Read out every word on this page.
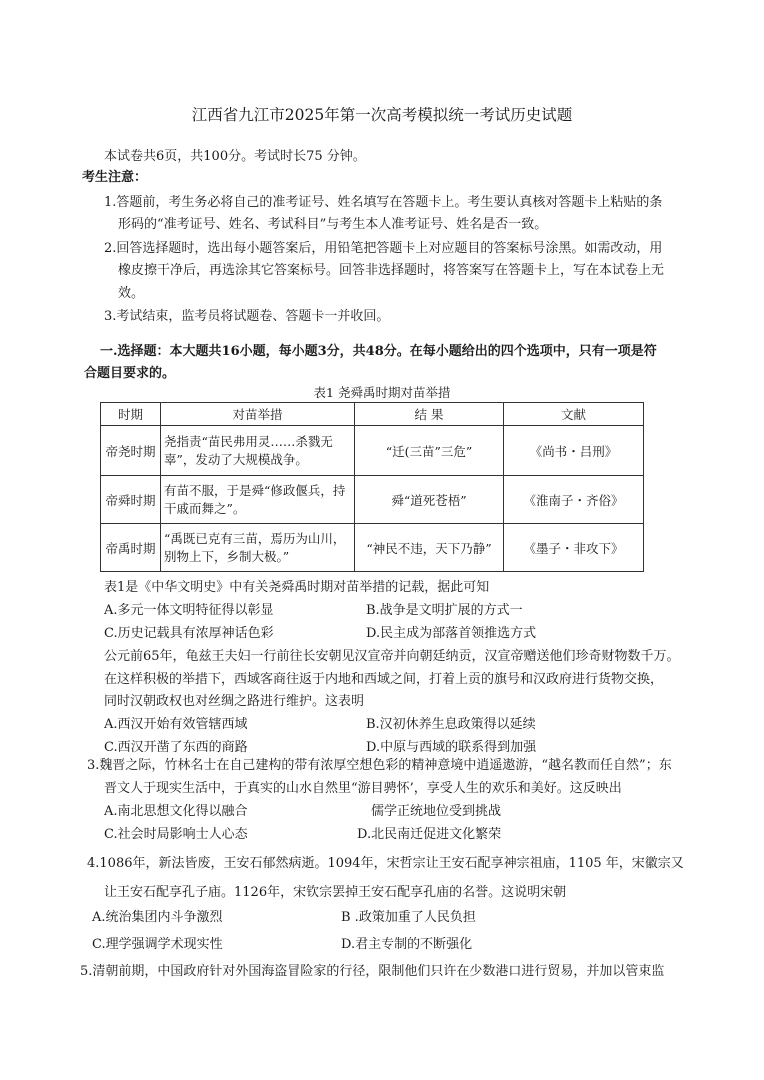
江西省九江市2025年第一次高考模拟统一考试历史试题
本试卷共6页，共100分。考试时长75 分钟。
考生注意：
1.答题前，考生务必将自己的准考证号、姓名填写在答题卡上。考生要认真核对答题卡上粘贴的条
形码的“准考证号、姓名、考试科目”与考生本人准考证号、姓名是否一致。
2.回答选择题时，选出每小题答案后，用铅笔把答题卡上对应题目的答案标号涂黑。如需改动，用
橡皮擦干净后，再选涂其它答案标号。回答非选择题时，将答案写在答题卡上，写在本试卷上无
效。
3.考试结束，监考员将试题卷、答题卡一并收回。
一.选择题：本大题共16小题，每小题3分，共48分。在每小题给出的四个选项中，只有一项是符
合题目要求的。
表1 尧舜禹时期对苗举措
时期	对苗举措	结 果	文献
帝尧时期	尧指责“苗民弗用灵……杀戮无辜”，发动了大规模战争。	“迁(三苗”三危”	《尚书・吕刑》
帝舜时期	有苗不服，于是舜“修政偃兵，持干戚而舞之”。	舜“道死苍梧”	《淮南子・齐俗》
帝禹时期	“禹既已克有三苗，焉历为山川，别物上下，乡制大极。”	“神民不违，天下乃静”	《墨子・非攻下》
表1是《中华文明史》中有关尧舜禹时期对苗举措的记载，据此可知
A.多元一体文明特征得以彰显	B.战争是文明扩展的方式一
C.历史记载具有浓厚神话色彩	D.民主成为部落首领推选方式
公元前65年，龟兹王夫妇一行前往长安朝见汉宣帝并向朝廷纳贡，汉宣帝赠送他们珍奇财物数千万。
在这样积极的举措下，西域客商往返于内地和西域之间，打着上贡的旗号和汉政府进行货物交换，
同时汉朝政权也对丝绸之路进行维护。这表明
A.西汉开始有效管辖西域	B.汉初休养生息政策得以延续
C.西汉开凿了东西的商路	D.中原与西域的联系得到加强
3.魏晋之际，竹林名士在自己建构的带有浓厚空想色彩的精神意境中逍遥遨游，“越名教而任自然”；东
晋文人于现实生活中，于真实的山水自然里“游目骋怀’，享受人生的欢乐和美好。这反映出
A.南北思想文化得以融合	儒学正统地位受到挑战
C.社会时局影响士人心态	D.北民南迁促进文化繁荣
4.1086年，新法皆废，王安石郁然病逝。1094年，宋哲宗让王安石配享神宗祖庙，1105 年，宋徽宗又
让王安石配享孔子庙。1126年，宋钦宗罢掉王安石配享孔庙的名誉。这说明宋朝
A.统治集团内斗争激烈	B .政策加重了人民负担
C.理学强调学术现实性	D.君主专制的不断强化
5.清朝前期，中国政府针对外国海盗冒险家的行径，限制他们只许在少数港口进行贸易，并加以管束监
